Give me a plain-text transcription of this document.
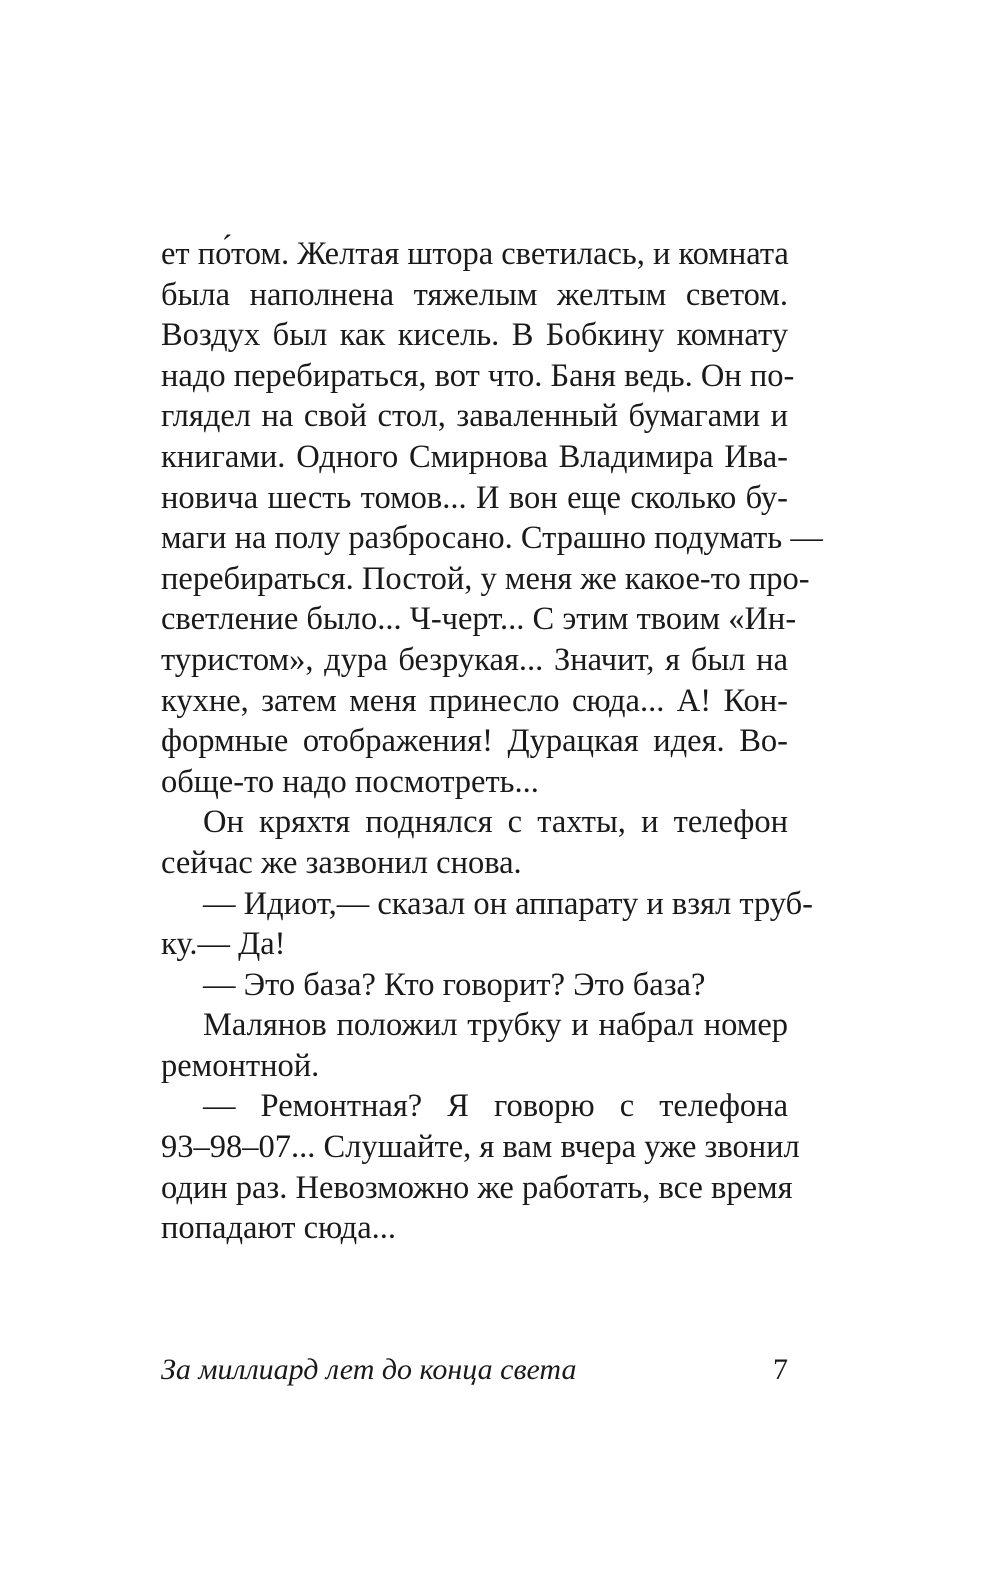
ет по́том. Желтая штора светилась, и комната
была наполнена тяжелым желтым светом.
Воздух был как кисель. В Бобкину комнату
надо перебираться, вот что. Баня ведь. Он по-
глядел на свой стол, заваленный бумагами и
книгами. Одного Смирнова Владимира Ива-
новича шесть томов... И вон еще сколько бу-
маги на полу разбросано. Страшно подумать —
перебираться. Постой, у меня же какое-то про-
светление было... Ч-черт... С этим твоим «Ин-
туристом», дура безрукая... Значит, я был на
кухне, затем меня принесло сюда... А! Кон-
формные отображения! Дурацкая идея. Во-
обще-то надо посмотреть...
Он кряхтя поднялся с тахты, и телефон
сейчас же зазвонил снова.
— Идиот,— сказал он аппарату и взял труб-
ку.— Да!
— Это база? Кто говорит? Это база?
Малянов положил трубку и набрал номер
ремонтной.
— Ремонтная? Я говорю с телефона
93–98–07... Слушайте, я вам вчера уже звонил
один раз. Невозможно же работать, все время
попадают сюда...
За миллиард лет до конца света	7
